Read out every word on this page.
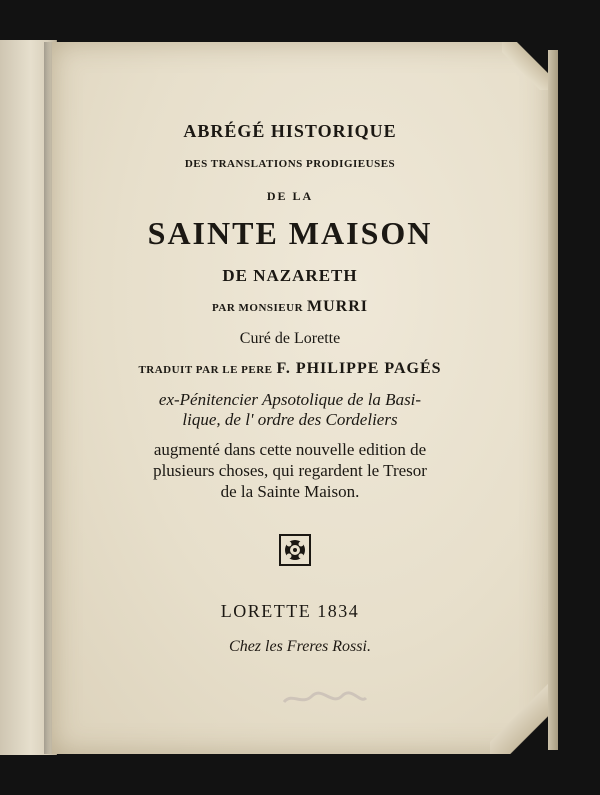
ABRÉGÉ HISTORIQUE
DES TRANSLATIONS PRODIGIEUSES
DE LA
SAINTE MAISON
DE NAZARETH
PAR MONSIEUR MURRI
Curé de Lorette
TRADUIT PAR LE PERE F. PHILIPPE PAGÉS
ex-Pénitencier Apsotolique de la Basi-
lique, de l' ordre des Cordeliers
augmenté dans cette nouvelle edition de
plusieurs choses, qui regardent le Tresor
de la Sainte Maison.
LORETTE 1834
Chez les Freres Rossi.
